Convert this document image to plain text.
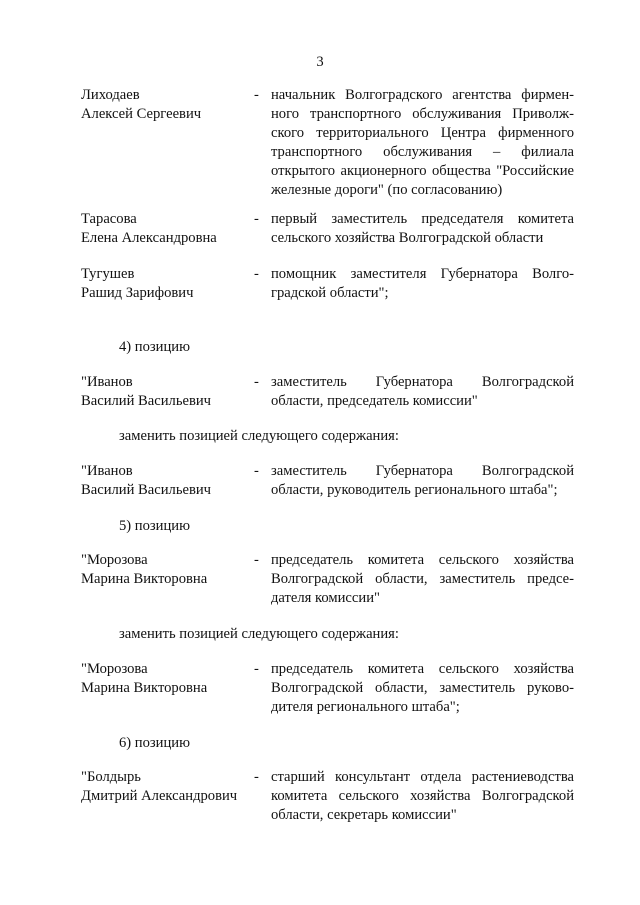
3
Лиходаев
Алексей Сергеевич
- начальник Волгоградского агентства фирмен-
ного транспортного обслуживания Приволж-
ского территориального Центра фирменного
транспортного обслуживания – филиала
открытого акционерного общества "Российские
железные дороги" (по согласованию)
Тарасова
Елена Александровна
- первый заместитель председателя комитета
сельского хозяйства Волгоградской области
Тугушев
Рашид Зарифович
- помощник заместителя Губернатора Волго-
градской области";
4) позицию
"Иванов
Василий Васильевич
- заместитель Губернатора Волгоградской
области, председатель комиссии"
заменить позицией следующего содержания:
"Иванов
Василий Васильевич
- заместитель Губернатора Волгоградской
области, руководитель регионального штаба";
5) позицию
"Морозова
Марина Викторовна
- председатель комитета сельского хозяйства
Волгоградской области, заместитель предсе-
дателя комиссии"
заменить позицией следующего содержания:
"Морозова
Марина Викторовна
- председатель комитета сельского хозяйства
Волгоградской области, заместитель руково-
дителя регионального штаба";
6) позицию
"Болдырь
Дмитрий Александрович
- старший консультант отдела растениеводства
комитета сельского хозяйства Волгоградской
области, секретарь комиссии"
